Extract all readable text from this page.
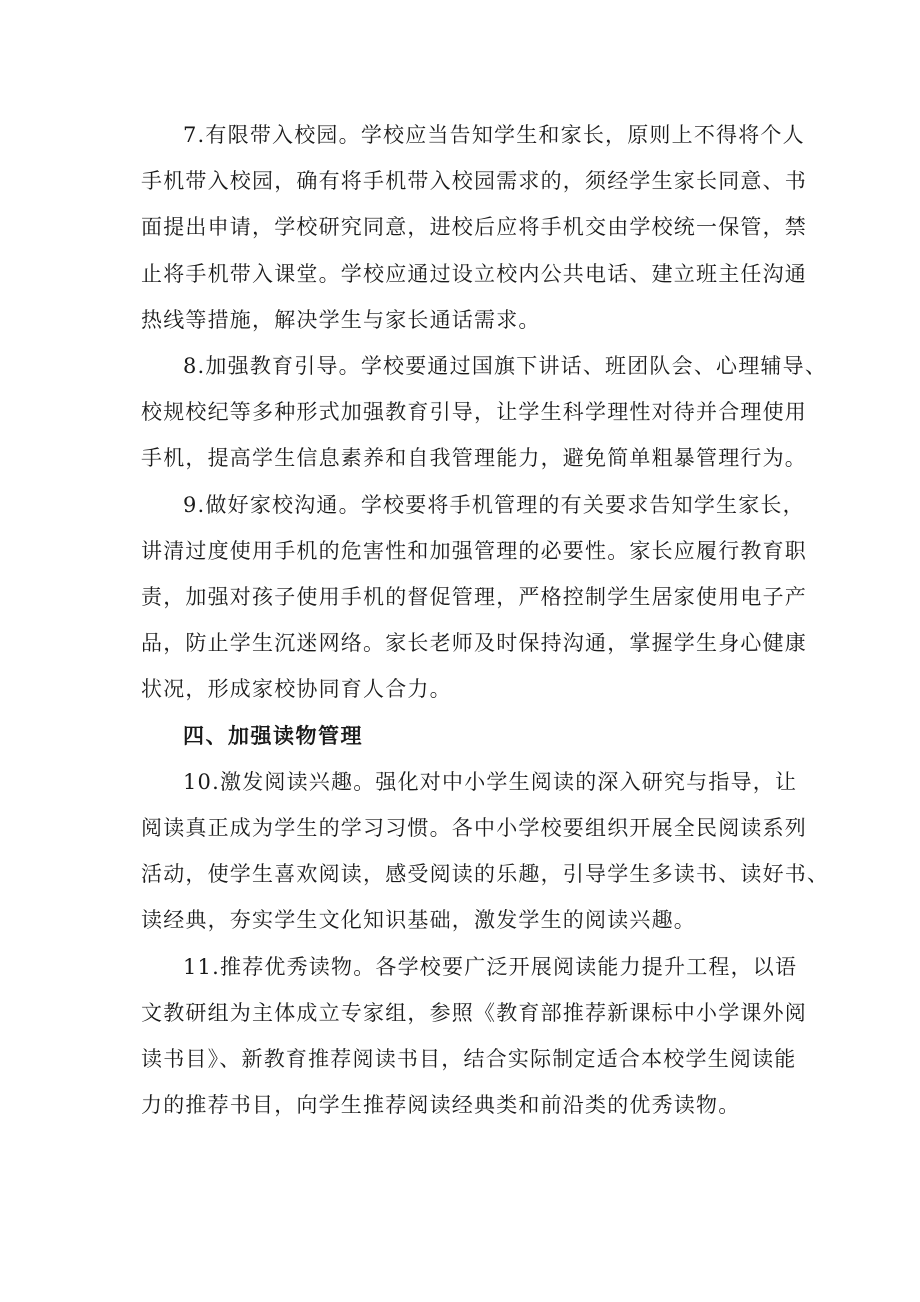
7.有限带入校园。学校应当告知学生和家长，原则上不得将个人
手机带入校园，确有将手机带入校园需求的，须经学生家长同意、书
面提出申请，学校研究同意，进校后应将手机交由学校统一保管，禁
止将手机带入课堂。学校应通过设立校内公共电话、建立班主任沟通
热线等措施，解决学生与家长通话需求。

8.加强教育引导。学校要通过国旗下讲话、班团队会、心理辅导、
校规校纪等多种形式加强教育引导，让学生科学理性对待并合理使用
手机，提高学生信息素养和自我管理能力，避免简单粗暴管理行为。

9.做好家校沟通。学校要将手机管理的有关要求告知学生家长，
讲清过度使用手机的危害性和加强管理的必要性。家长应履行教育职
责，加强对孩子使用手机的督促管理，严格控制学生居家使用电子产
品，防止学生沉迷网络。家长老师及时保持沟通，掌握学生身心健康
状况，形成家校协同育人合力。

四、加强读物管理

10.激发阅读兴趣。强化对中小学生阅读的深入研究与指导，让
阅读真正成为学生的学习习惯。各中小学校要组织开展全民阅读系列
活动，使学生喜欢阅读，感受阅读的乐趣，引导学生多读书、读好书、
读经典，夯实学生文化知识基础，激发学生的阅读兴趣。

11.推荐优秀读物。各学校要广泛开展阅读能力提升工程，以语
文教研组为主体成立专家组，参照《教育部推荐新课标中小学课外阅
读书目》、新教育推荐阅读书目，结合实际制定适合本校学生阅读能
力的推荐书目，向学生推荐阅读经典类和前沿类的优秀读物。
